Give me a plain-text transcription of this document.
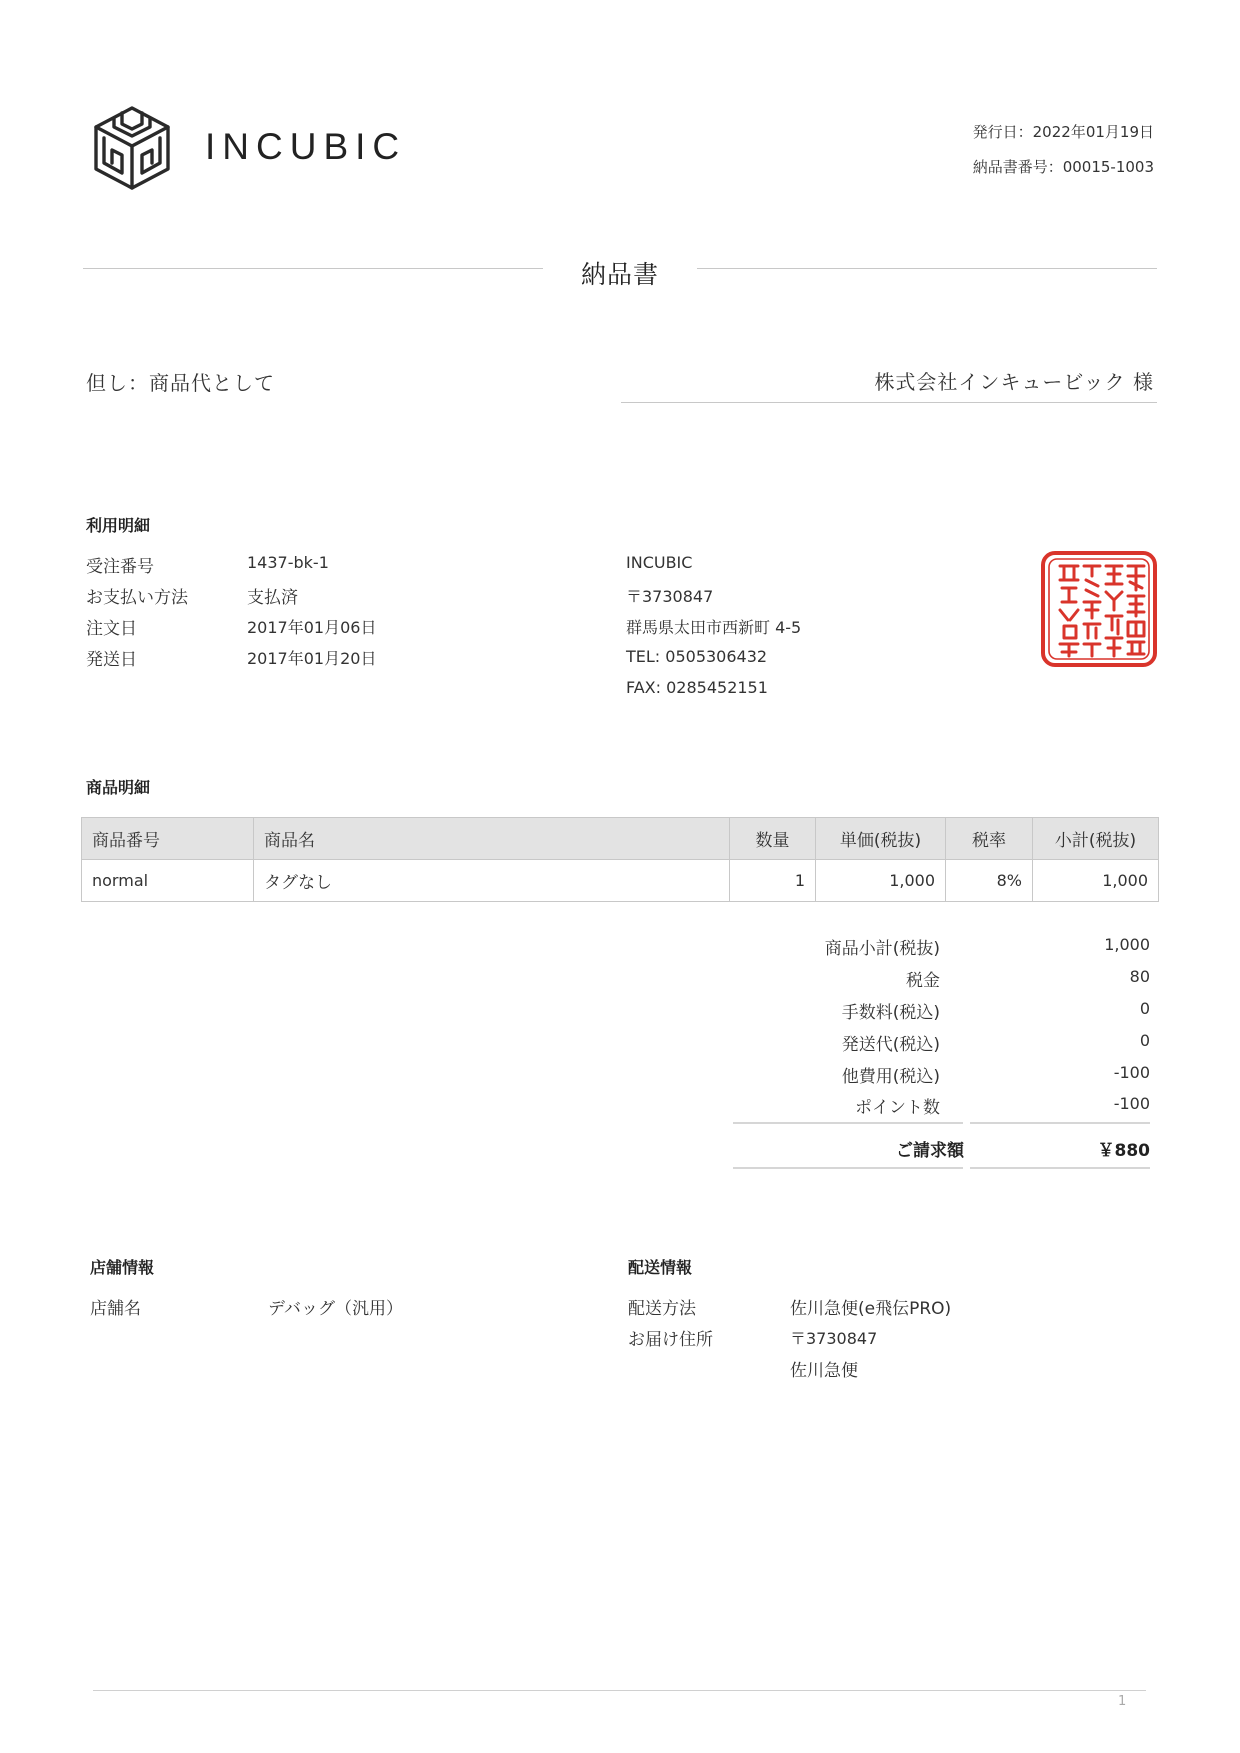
INCUBIC	発行日：2022年01月19日
納品書番号：00015-1003
納品書
但し：商品代として	株式会社インキュービック 様
利用明細
受注番号	1437-bk-1
お支払い方法	支払済
注文日	2017年01月06日
発送日	2017年01月20日
INCUBIC
〒3730847
群馬県太田市西新町 4-5
TEL: 0505306432
FAX: 0285452151
商品明細
商品番号	商品名	数量	単価(税抜)	税率	小計(税抜)
normal	タグなし	1	1,000	8%	1,000
商品小計(税抜)	1,000
税金	80
手数料(税込)	0
発送代(税込)	0
他費用(税込)	-100
ポイント数	-100
ご請求額	￥880
店舗情報
店舗名	デバッグ（汎用）
配送情報
配送方法	佐川急便(e飛伝PRO)
お届け住所	〒3730847
佐川急便
1
